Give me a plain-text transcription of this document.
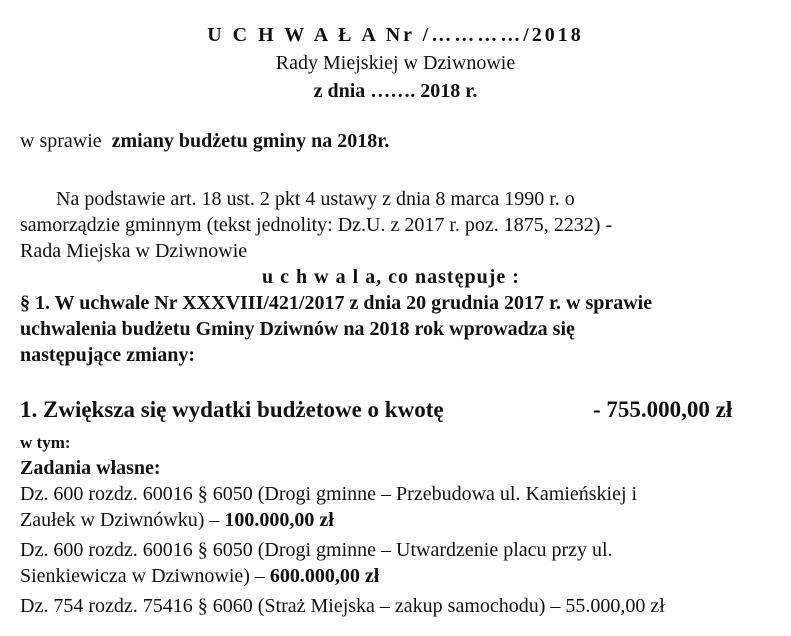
U C H W A Ł A Nr /…………/2018
Rady Miejskiej w Dziwnowie
z dnia ……. 2018 r.
w sprawie zmiany budżetu gminy na 2018r.
Na podstawie art. 18 ust. 2 pkt 4 ustawy z dnia 8 marca 1990 r. o
samorządzie gminnym (tekst jednolity: Dz.U. z 2017 r. poz. 1875, 2232) -
Rada Miejska w Dziwnowie
u c h w a l a, co następuje :
§ 1. W uchwale Nr XXXVIII/421/2017 z dnia 20 grudnia 2017 r. w sprawie
uchwalenia budżetu Gminy Dziwnów na 2018 rok wprowadza się
następujące zmiany:
1. Zwiększa się wydatki budżetowe o kwotę	- 755.000,00 zł
w tym:
Zadania własne:
Dz. 600 rozdz. 60016 § 6050 (Drogi gminne – Przebudowa ul. Kamieńskiej i
Zaułek w Dziwnówku) – 100.000,00 zł
Dz. 600 rozdz. 60016 § 6050 (Drogi gminne – Utwardzenie placu przy ul.
Sienkiewicza w Dziwnowie) – 600.000,00 zł
Dz. 754 rozdz. 75416 § 6060 (Straż Miejska – zakup samochodu) – 55.000,00 zł
